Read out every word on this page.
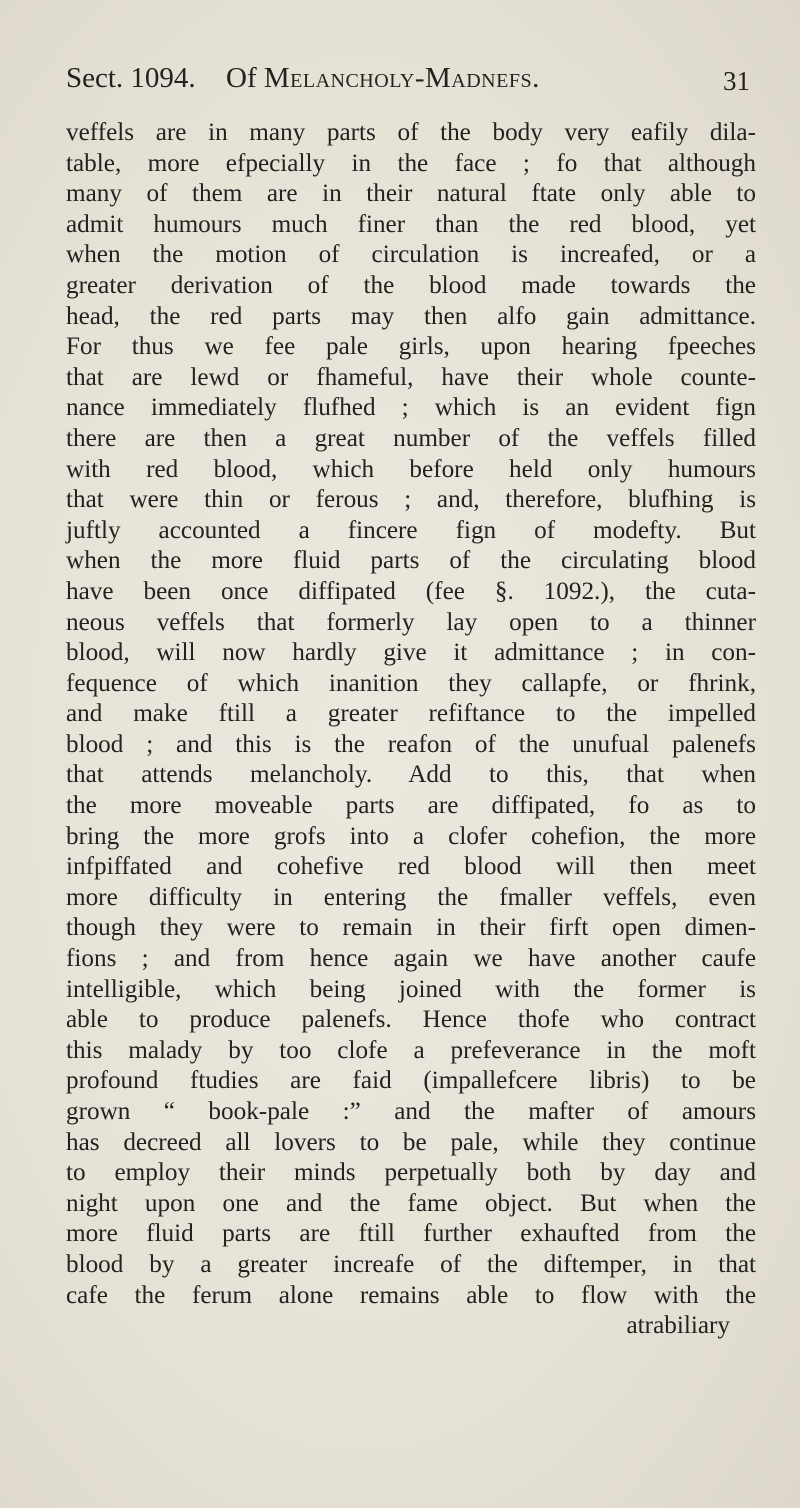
Sect. 1094. Of Melancholy-Madnefs.	31
veffels are in many parts of the body very eafily dila-
table, more efpecially in the face ; fo that although
many of them are in their natural ftate only able to
admit humours much finer than the red blood, yet
when the motion of circulation is increafed, or a
greater derivation of the blood made towards the
head, the red parts may then alfo gain admittance.
For thus we fee pale girls, upon hearing fpeeches
that are lewd or fhameful, have their whole counte-
nance immediately flufhed ; which is an evident fign
there are then a great number of the veffels filled
with red blood, which before held only humours
that were thin or ferous ; and, therefore, blufhing is
juftly accounted a fincere fign of modefty. But
when the more fluid parts of the circulating blood
have been once diffipated (fee §. 1092.), the cuta-
neous veffels that formerly lay open to a thinner
blood, will now hardly give it admittance ; in con-
fequence of which inanition they callapfe, or fhrink,
and make ftill a greater refiftance to the impelled
blood ; and this is the reafon of the unufual palenefs
that attends melancholy. Add to this, that when
the more moveable parts are diffipated, fo as to
bring the more grofs into a clofer cohefion, the more
infpiffated and cohefive red blood will then meet
more difficulty in entering the fmaller veffels, even
though they were to remain in their firft open dimen-
fions ; and from hence again we have another caufe
intelligible, which being joined with the former is
able to produce palenefs. Hence thofe who contract
this malady by too clofe a prefeverance in the moft
profound ftudies are faid (impallefcere libris) to be
grown “ book-pale :” and the mafter of amours
has decreed all lovers to be pale, while they continue
to employ their minds perpetually both by day and
night upon one and the fame object. But when the
more fluid parts are ftill further exhaufted from the
blood by a greater increafe of the diftemper, in that
cafe the ferum alone remains able to flow with the
atrabiliary
